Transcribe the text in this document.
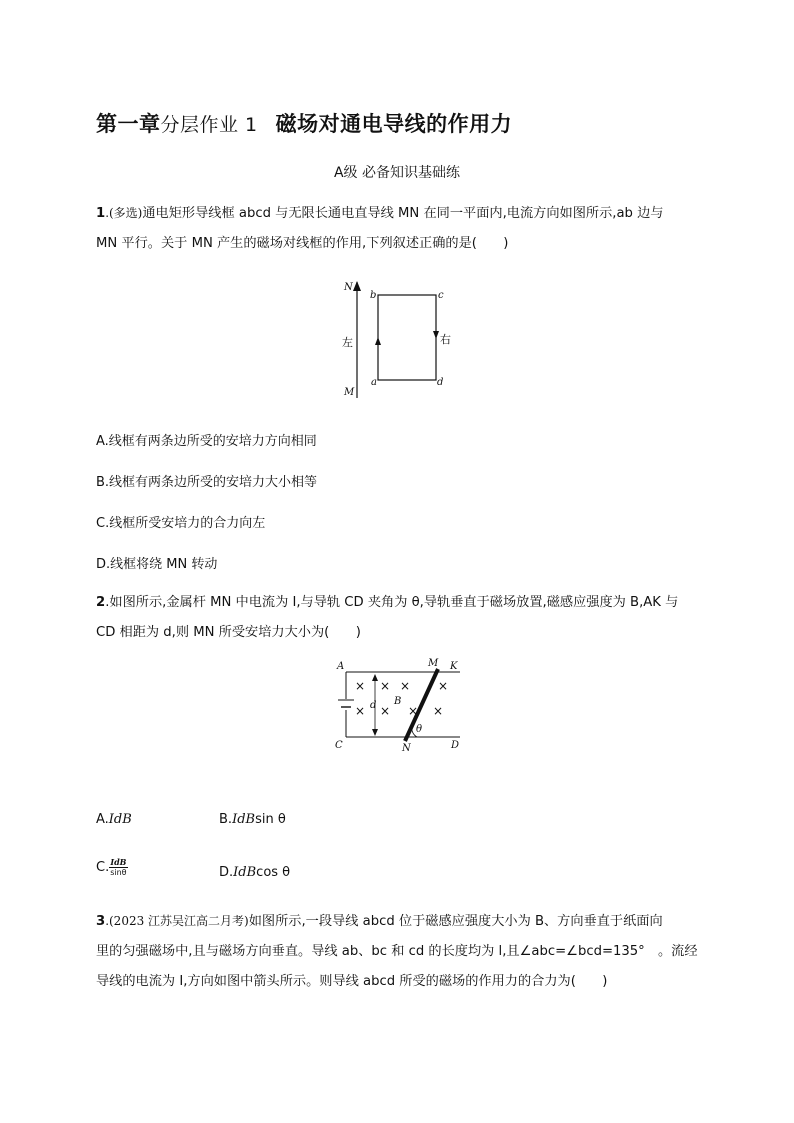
第一章分层作业 1 磁场对通电导线的作用力
A级 必备知识基础练
1.(多选)通电矩形导线框 abcd 与无限长通电直导线 MN 在同一平面内,电流方向如图所示,ab 边与
MN 平行。关于 MN 产生的磁场对线框的作用,下列叙述正确的是(　　)
N
M
左	右
b	c
a	d
A.线框有两条边所受的安培力方向相同
B.线框有两条边所受的安培力大小相等
C.线框所受安培力的合力向左
D.线框将绕 MN 转动
2.如图所示,金属杆 MN 中电流为 I,与导轨 CD 夹角为 θ,导轨垂直于磁场放置,磁感应强度为 B,AK 与
CD 相距为 d,则 MN 所受安培力大小为(　　)
× × × ×
× × × ×
A	M K
C	N	D
d B
θ
A.IdB	B.IdBsin θ
C. $\frac{\text{IdB}}{\sin\theta}$	D.IdBcos θ
3.(2023 江苏吴江高二月考)如图所示,一段导线 abcd 位于磁感应强度大小为 B、方向垂直于纸面向
里的匀强磁场中,且与磁场方向垂直。导线 ab、bc 和 cd 的长度均为 l,且∠abc=∠bcd=135°　。流经
导线的电流为 I,方向如图中箭头所示。则导线 abcd 所受的磁场的作用力的合力为(　　)
